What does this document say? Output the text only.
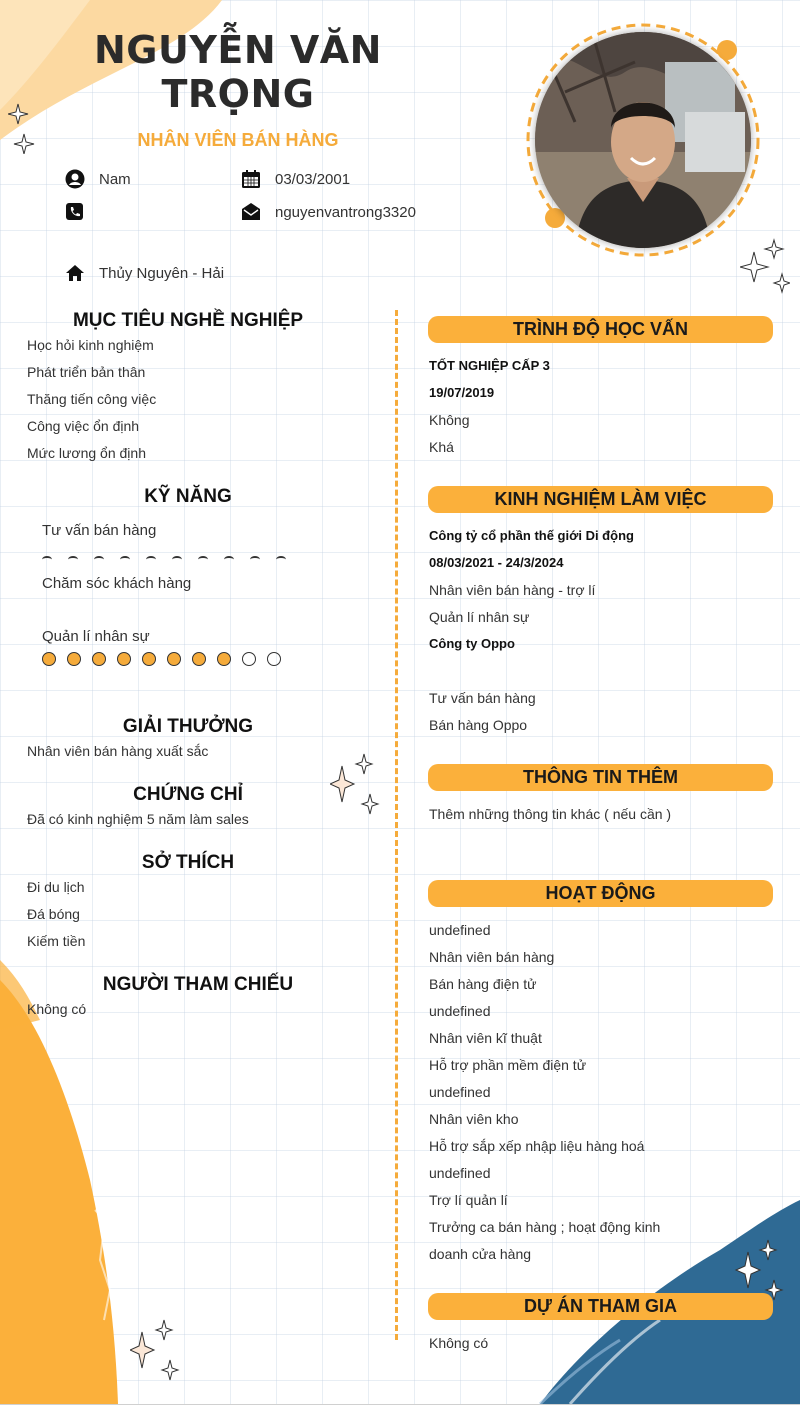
NGUYỄN VĂN TRỌNG
NHÂN VIÊN BÁN HÀNG
Nam	03/03/2001
nguyenvantrong3320
Thủy Nguyên - Hải
MỤC TIÊU NGHỀ NGHIỆP
Học hỏi kinh nghiệm
Phát triển bản thân
Thăng tiến công việc
Công việc ổn định
Mức lương ổn định
KỸ NĂNG
Tư vấn bán hàng
Chăm sóc khách hàng
Quản lí nhân sự
GIẢI THƯỞNG
Nhân viên bán hàng xuất sắc
CHỨNG CHỈ
Đã có kinh nghiệm 5 năm làm sales
SỞ THÍCH
Đi du lịch
Đá bóng
Kiếm tiền
NGƯỜI THAM CHIẾU
Không có
TRÌNH ĐỘ HỌC VẤN
TỐT NGHIỆP CẤP 3
19/07/2019
Không
Khá
KINH NGHIỆM LÀM VIỆC
Công tỷ cổ phần thế giới Di động
08/03/2021 - 24/3/2024
Nhân viên bán hàng - trợ lí
Quản lí nhân sự
Công ty Oppo
Tư vấn bán hàng
Bán hàng Oppo
THÔNG TIN THÊM
Thêm những thông tin khác ( nếu cần )
HOẠT ĐỘNG
undefined
Nhân viên bán hàng
Bán hàng điện tử
undefined
Nhân viên kĩ thuật
Hỗ trợ phần mềm điện tử
undefined
Nhân viên kho
Hỗ trợ sắp xếp nhập liệu hàng hoá
undefined
Trợ lí quản lí
Trưởng ca bán hàng ; hoạt động kinh
doanh cửa hàng
DỰ ÁN THAM GIA
Không có
